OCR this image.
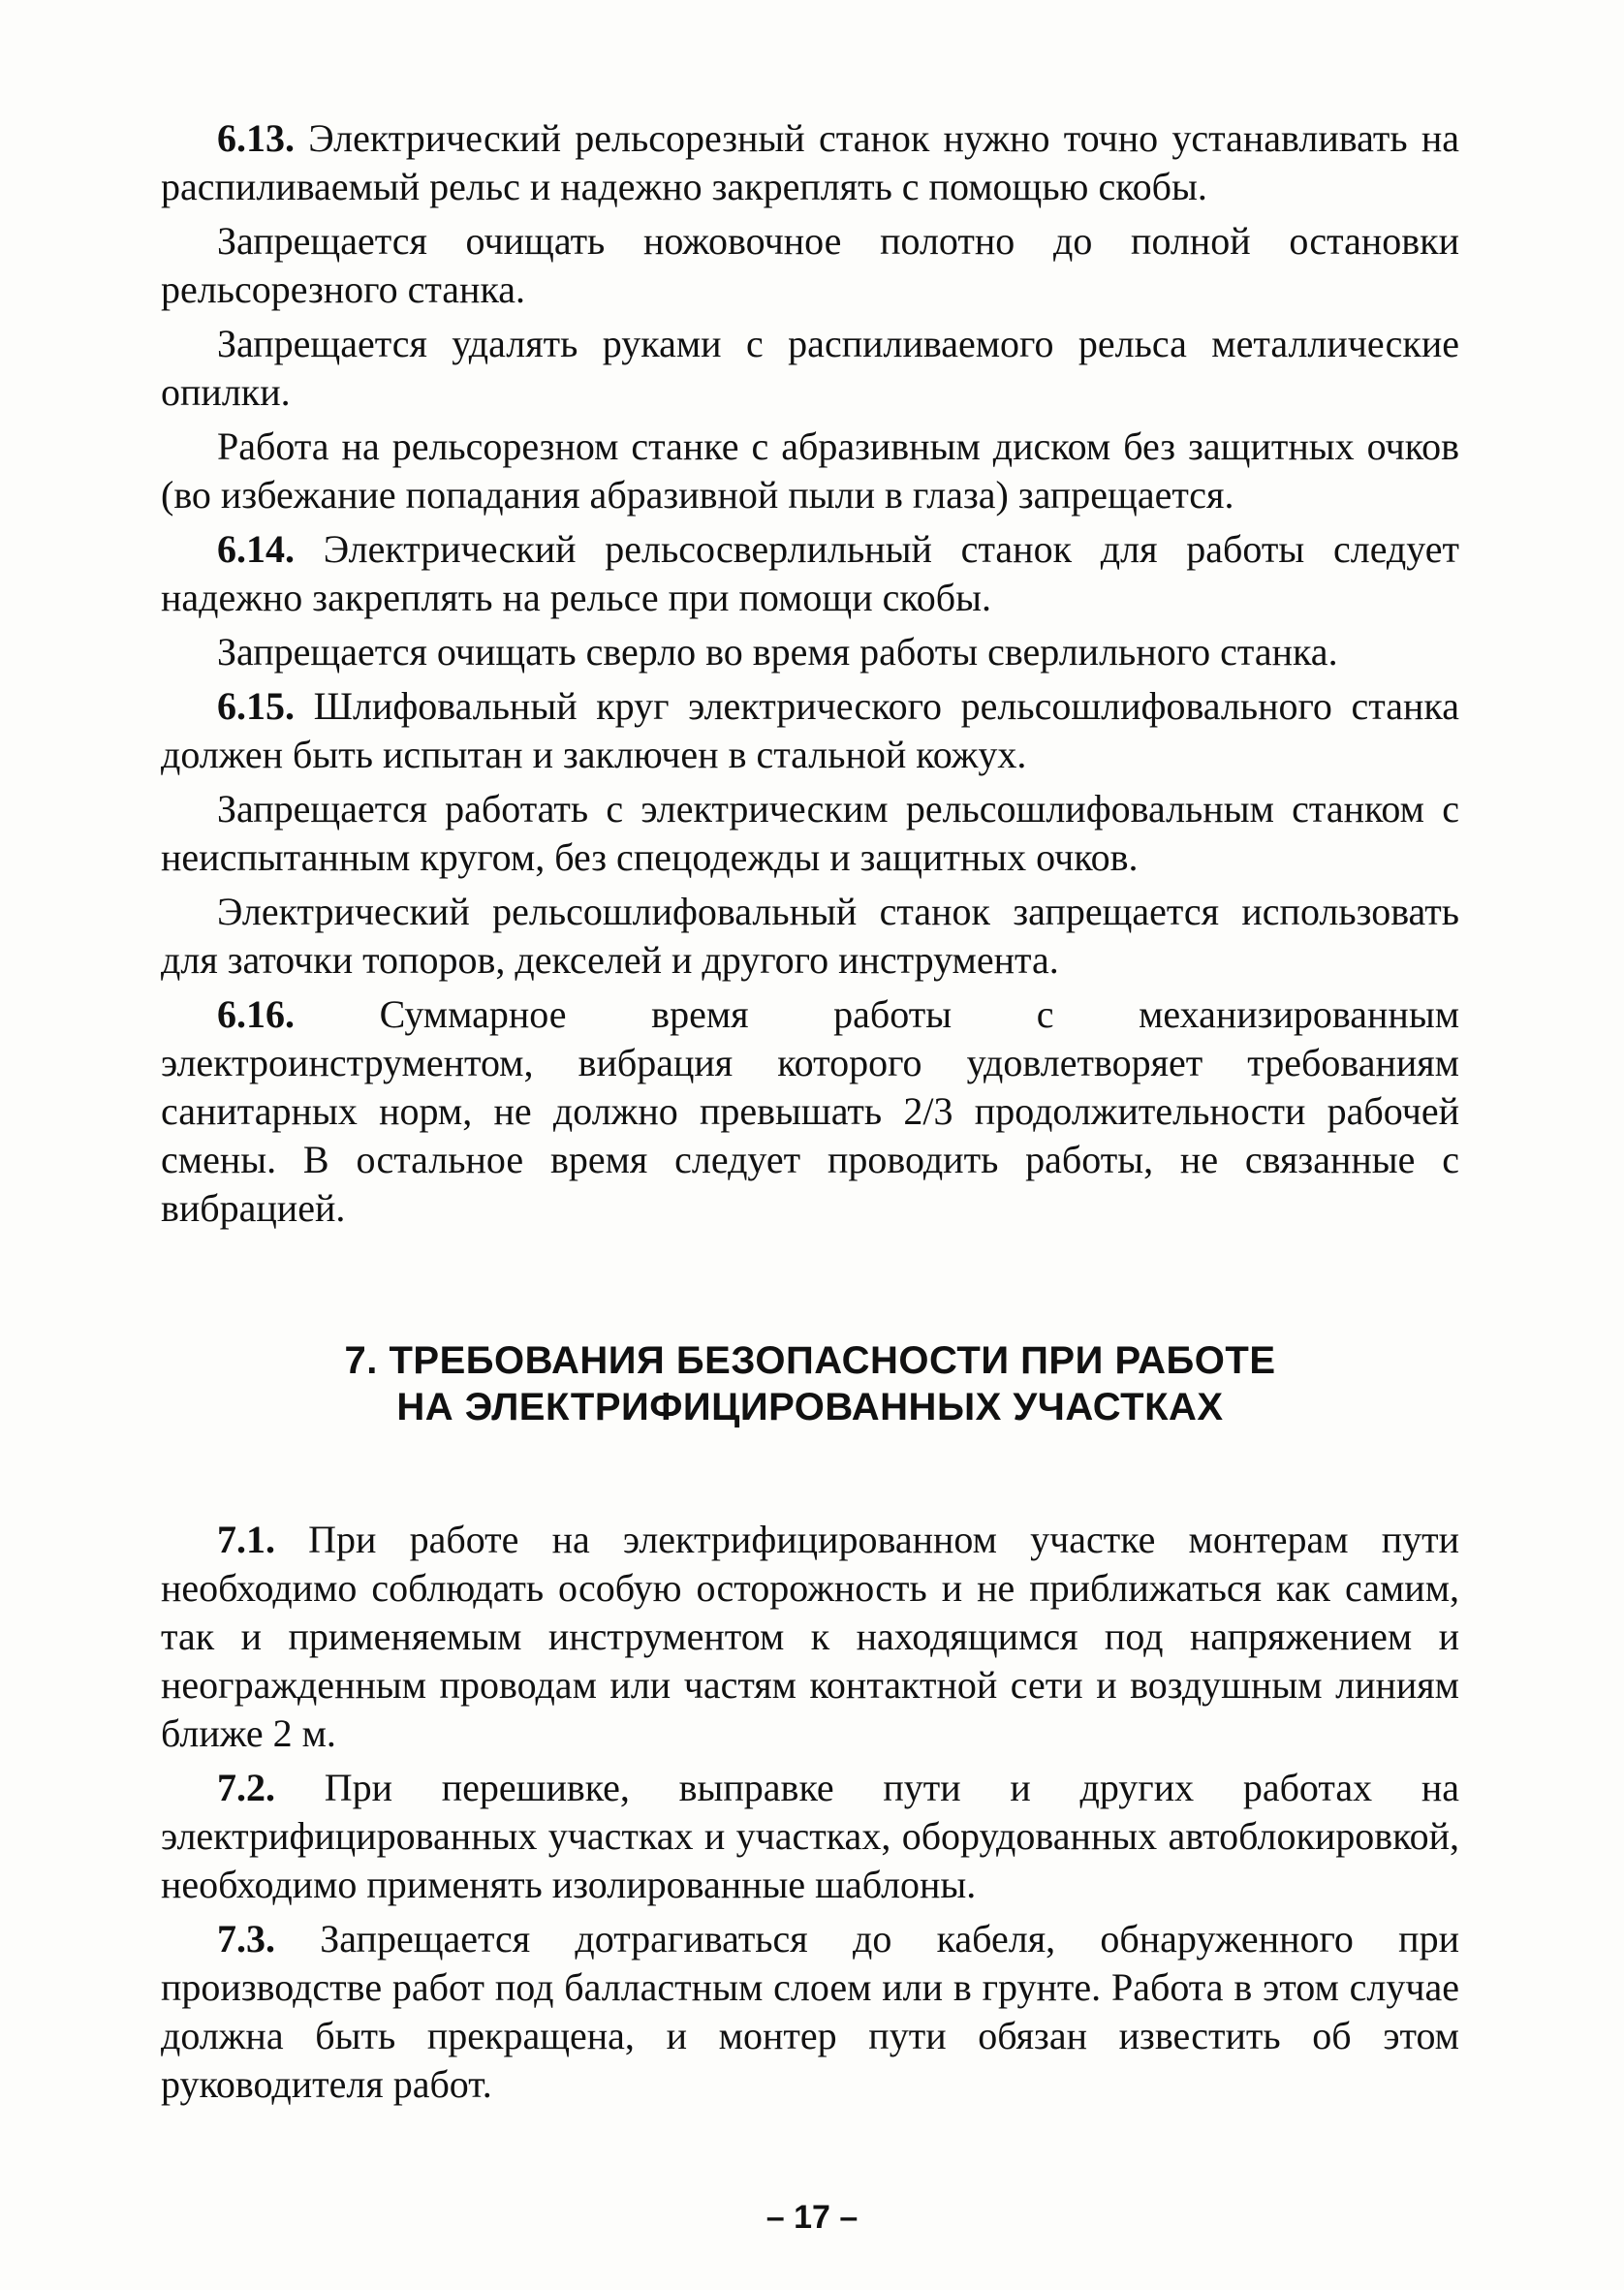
6.13. Электрический рельсорезный станок нужно точно устанавливать на распиливаемый рельс и надежно закреплять с помощью скобы.

Запрещается очищать ножовочное полотно до полной остановки рельсорезного станка.

Запрещается удалять руками с распиливаемого рельса металлические опилки.

Работа на рельсорезном станке с абразивным диском без защитных очков (во избежание попадания абразивной пыли в глаза) запрещается.

6.14. Электрический рельсосверлильный станок для работы следует надежно закреплять на рельсе при помощи скобы.

Запрещается очищать сверло во время работы сверлильного станка.

6.15. Шлифовальный круг электрического рельсошлифовального станка должен быть испытан и заключен в стальной кожух.

Запрещается работать с электрическим рельсошлифовальным станком с неиспытанным кругом, без спецодежды и защитных очков.

Электрический рельсошлифовальный станок запрещается использовать для заточки топоров, декселей и другого инструмента.

6.16. Суммарное время работы с механизированным электроинструментом, вибрация которого удовлетворяет требованиям санитарных норм, не должно превышать 2/3 продолжительности рабочей смены. В остальное время следует проводить работы, не связанные с вибрацией.

7. ТРЕБОВАНИЯ БЕЗОПАСНОСТИ ПРИ РАБОТЕ
НА ЭЛЕКТРИФИЦИРОВАННЫХ УЧАСТКАХ

7.1. При работе на электрифицированном участке монтерам пути необходимо соблюдать особую осторожность и не приближаться как самим, так и применяемым инструментом к находящимся под напряжением и неогражденным проводам или частям контактной сети и воздушным линиям ближе 2 м.

7.2. При перешивке, выправке пути и других работах на электрифицированных участках и участках, оборудованных автоблокировкой, необходимо применять изолированные шаблоны.

7.3. Запрещается дотрагиваться до кабеля, обнаруженного при производстве работ под балластным слоем или в грунте. Работа в этом случае должна быть прекращена, и монтер пути обязан известить об этом руководителя работ.

– 17 –
